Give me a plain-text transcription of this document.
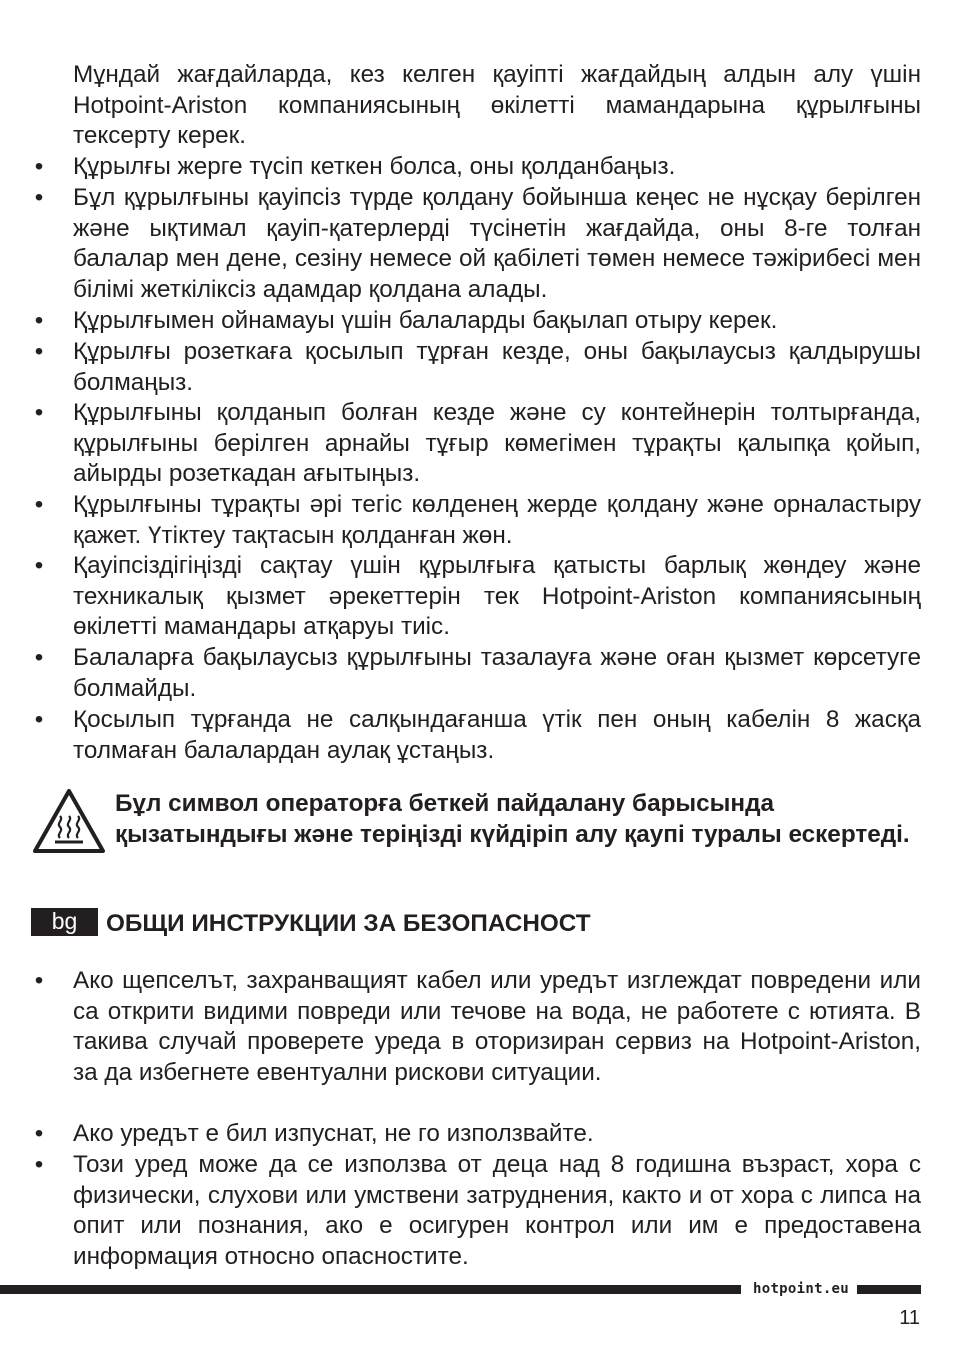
Мұндай жағдайларда, кез келген қауіпті жағдайдың алдын алу үшін Hotpoint-Ariston компаниясының өкілетті мамандарына құрылғыны тексерту керек.

• Құрылғы жерге түсіп кеткен болса, оны қолданбаңыз.
• Бұл құрылғыны қауіпсіз түрде қолдану бойынша кеңес не нұсқау берілген және ықтимал қауіп-қатерлерді түсінетін жағдайда, оны 8-ге толған балалар мен дене, сезіну немесе ой қабілеті төмен немесе тәжірибесі мен білімі жеткіліксіз адамдар қолдана алады.
• Құрылғымен ойнамауы үшін балаларды бақылап отыру керек.
• Құрылғы розеткаға қосылып тұрған кезде, оны бақылаусыз қалдырушы болмаңыз.
• Құрылғыны қолданып болған кезде және су контейнерін толтырғанда, құрылғыны берілген арнайы тұғыр көмегімен тұрақты қалыпқа қойып, айырды розеткадан ағытыңыз.
• Құрылғыны тұрақты әрі тегіс көлденең жерде қолдану және орналастыру қажет. Үтіктеу тақтасын қолданған жөн.
• Қауіпсіздігіңізді сақтау үшін құрылғыға қатысты барлық жөндеу және техникалық қызмет әрекеттерін тек Hotpoint-Ariston компаниясының өкілетті мамандары атқаруы тиіс.
• Балаларға бақылаусыз құрылғыны тазалауға және оған қызмет көрсетуге болмайды.
• Қосылып тұрғанда не салқындағанша үтік пен оның кабелін 8 жасқа толмаған балалардан аулақ ұстаңыз.

Бұл символ операторға беткей пайдалану барысында қызатындығы және теріңізді күйдіріп алу қаупі туралы ескертеді.

bg	ОБЩИ ИНСТРУКЦИИ ЗА БЕЗОПАСНОСТ
• Ако щепселът, захранващият кабел или уредът изглеждат повредени или са открити видими повреди или течове на вода, не работете с ютията. В такива случай проверете уреда в оторизиран сервиз на Hotpoint-Ariston, за да избегнете евентуални рискови ситуации.
• Ако уредът е бил изпуснат, не го използвайте.
• Този уред може да се използва от деца над 8 годишна възраст, хора с физически, слухови или умствени затруднения, както и от хора с липса на опит или познания, ако е осигурен контрол или им е предоставена информация относно опасностите.
hotpoint.eu
11
